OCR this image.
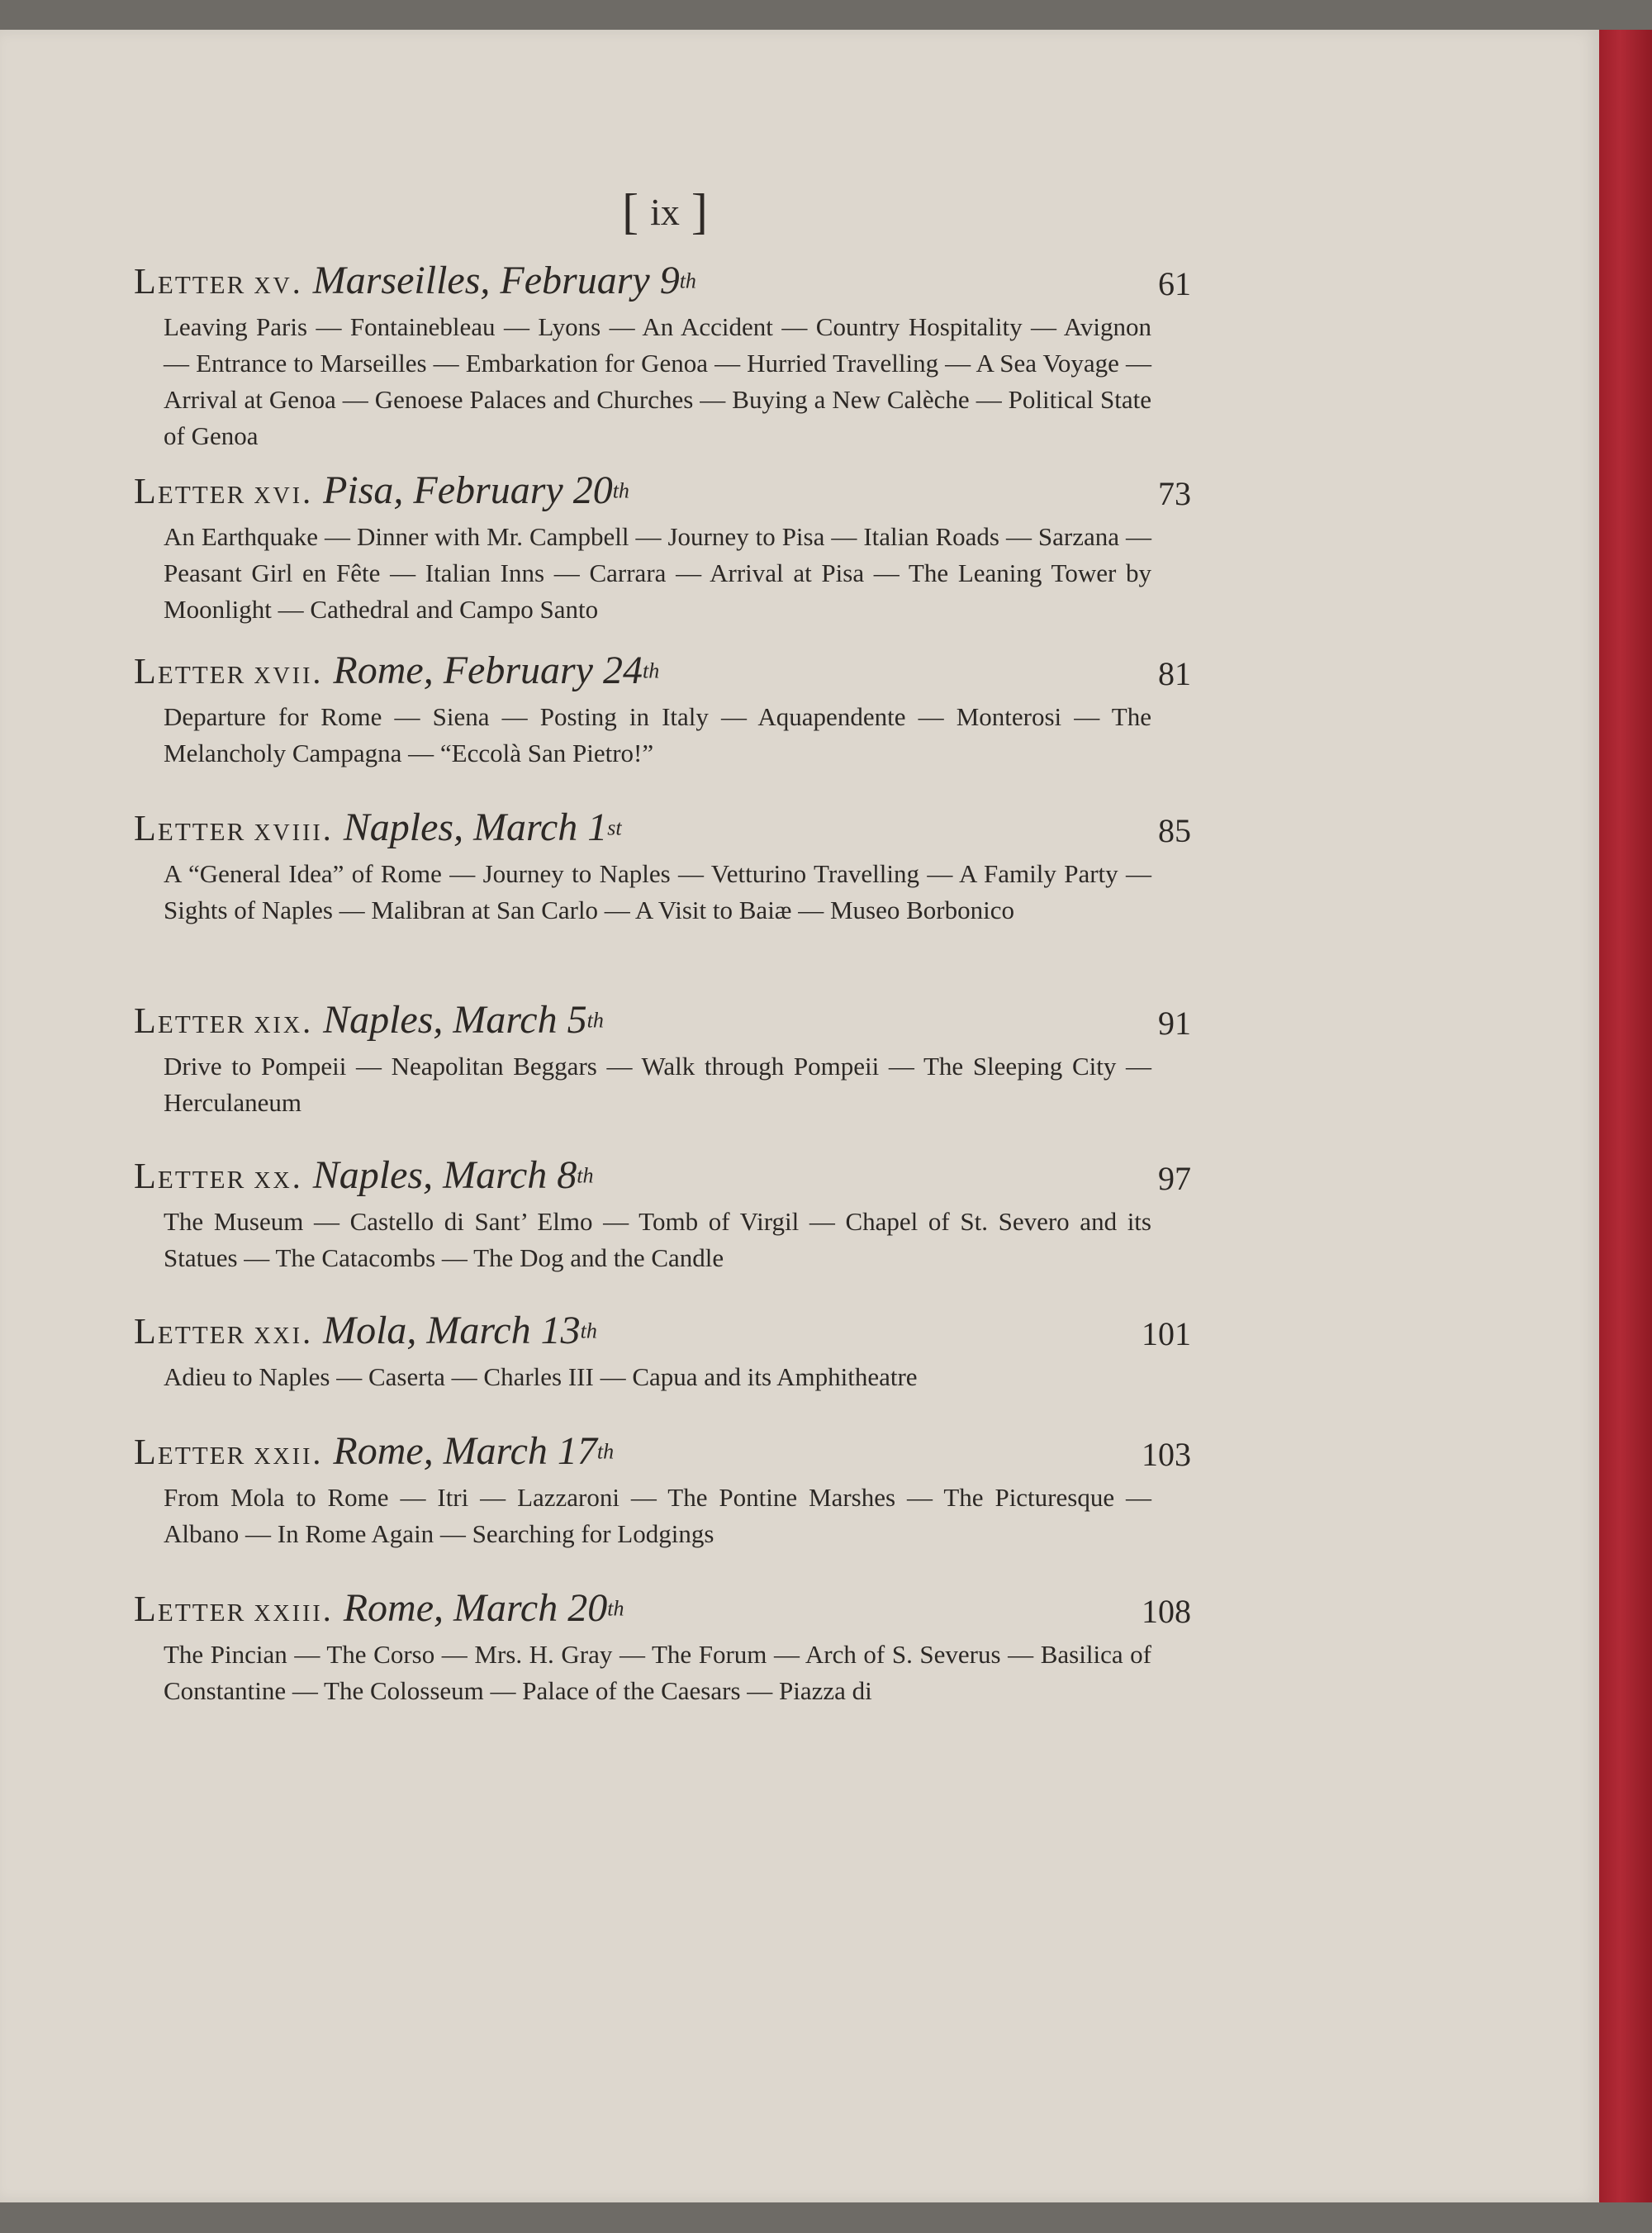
[ ix ]
Letter xv. Marseilles, February 9th	61
Leaving Paris — Fontainebleau — Lyons — An Accident — Country Hospitality — Avignon — Entrance to Marseilles — Embarkation for Genoa — Hurried Travelling — A Sea Voyage — Arrival at Genoa — Genoese Palaces and Churches — Buying a New Calèche — Political State of Genoa
Letter xvi. Pisa, February 20th	73
An Earthquake — Dinner with Mr. Campbell — Journey to Pisa — Italian Roads — Sarzana — Peasant Girl en Fête — Italian Inns — Carrara — Arrival at Pisa — The Leaning Tower by Moonlight — Cathedral and Campo Santo
Letter xvii. Rome, February 24th	81
Departure for Rome — Siena — Posting in Italy — Aquapendente — Monterosi — The Melancholy Campagna — “Eccolà San Pietro!”
Letter xviii. Naples, March 1st	85
A “General Idea” of Rome — Journey to Naples — Vetturino Travelling — A Family Party — Sights of Naples — Malibran at San Carlo — A Visit to Baiæ — Museo Borbonico
Letter xix. Naples, March 5th	91
Drive to Pompeii — Neapolitan Beggars — Walk through Pompeii — The Sleeping City — Herculaneum
Letter xx. Naples, March 8th	97
The Museum — Castello di Sant’ Elmo — Tomb of Virgil — Chapel of St. Severo and its Statues — The Catacombs — The Dog and the Candle
Letter xxi. Mola, March 13th	101
Adieu to Naples — Caserta — Charles III — Capua and its Amphitheatre
Letter xxii. Rome, March 17th	103
From Mola to Rome — Itri — Lazzaroni — The Pontine Marshes — The Picturesque — Albano — In Rome Again — Searching for Lodgings
Letter xxiii. Rome, March 20th	108
The Pincian — The Corso — Mrs. H. Gray — The Forum — Arch of S. Severus — Basilica of Constantine — The Colosseum — Palace of the Caesars — Piazza di
